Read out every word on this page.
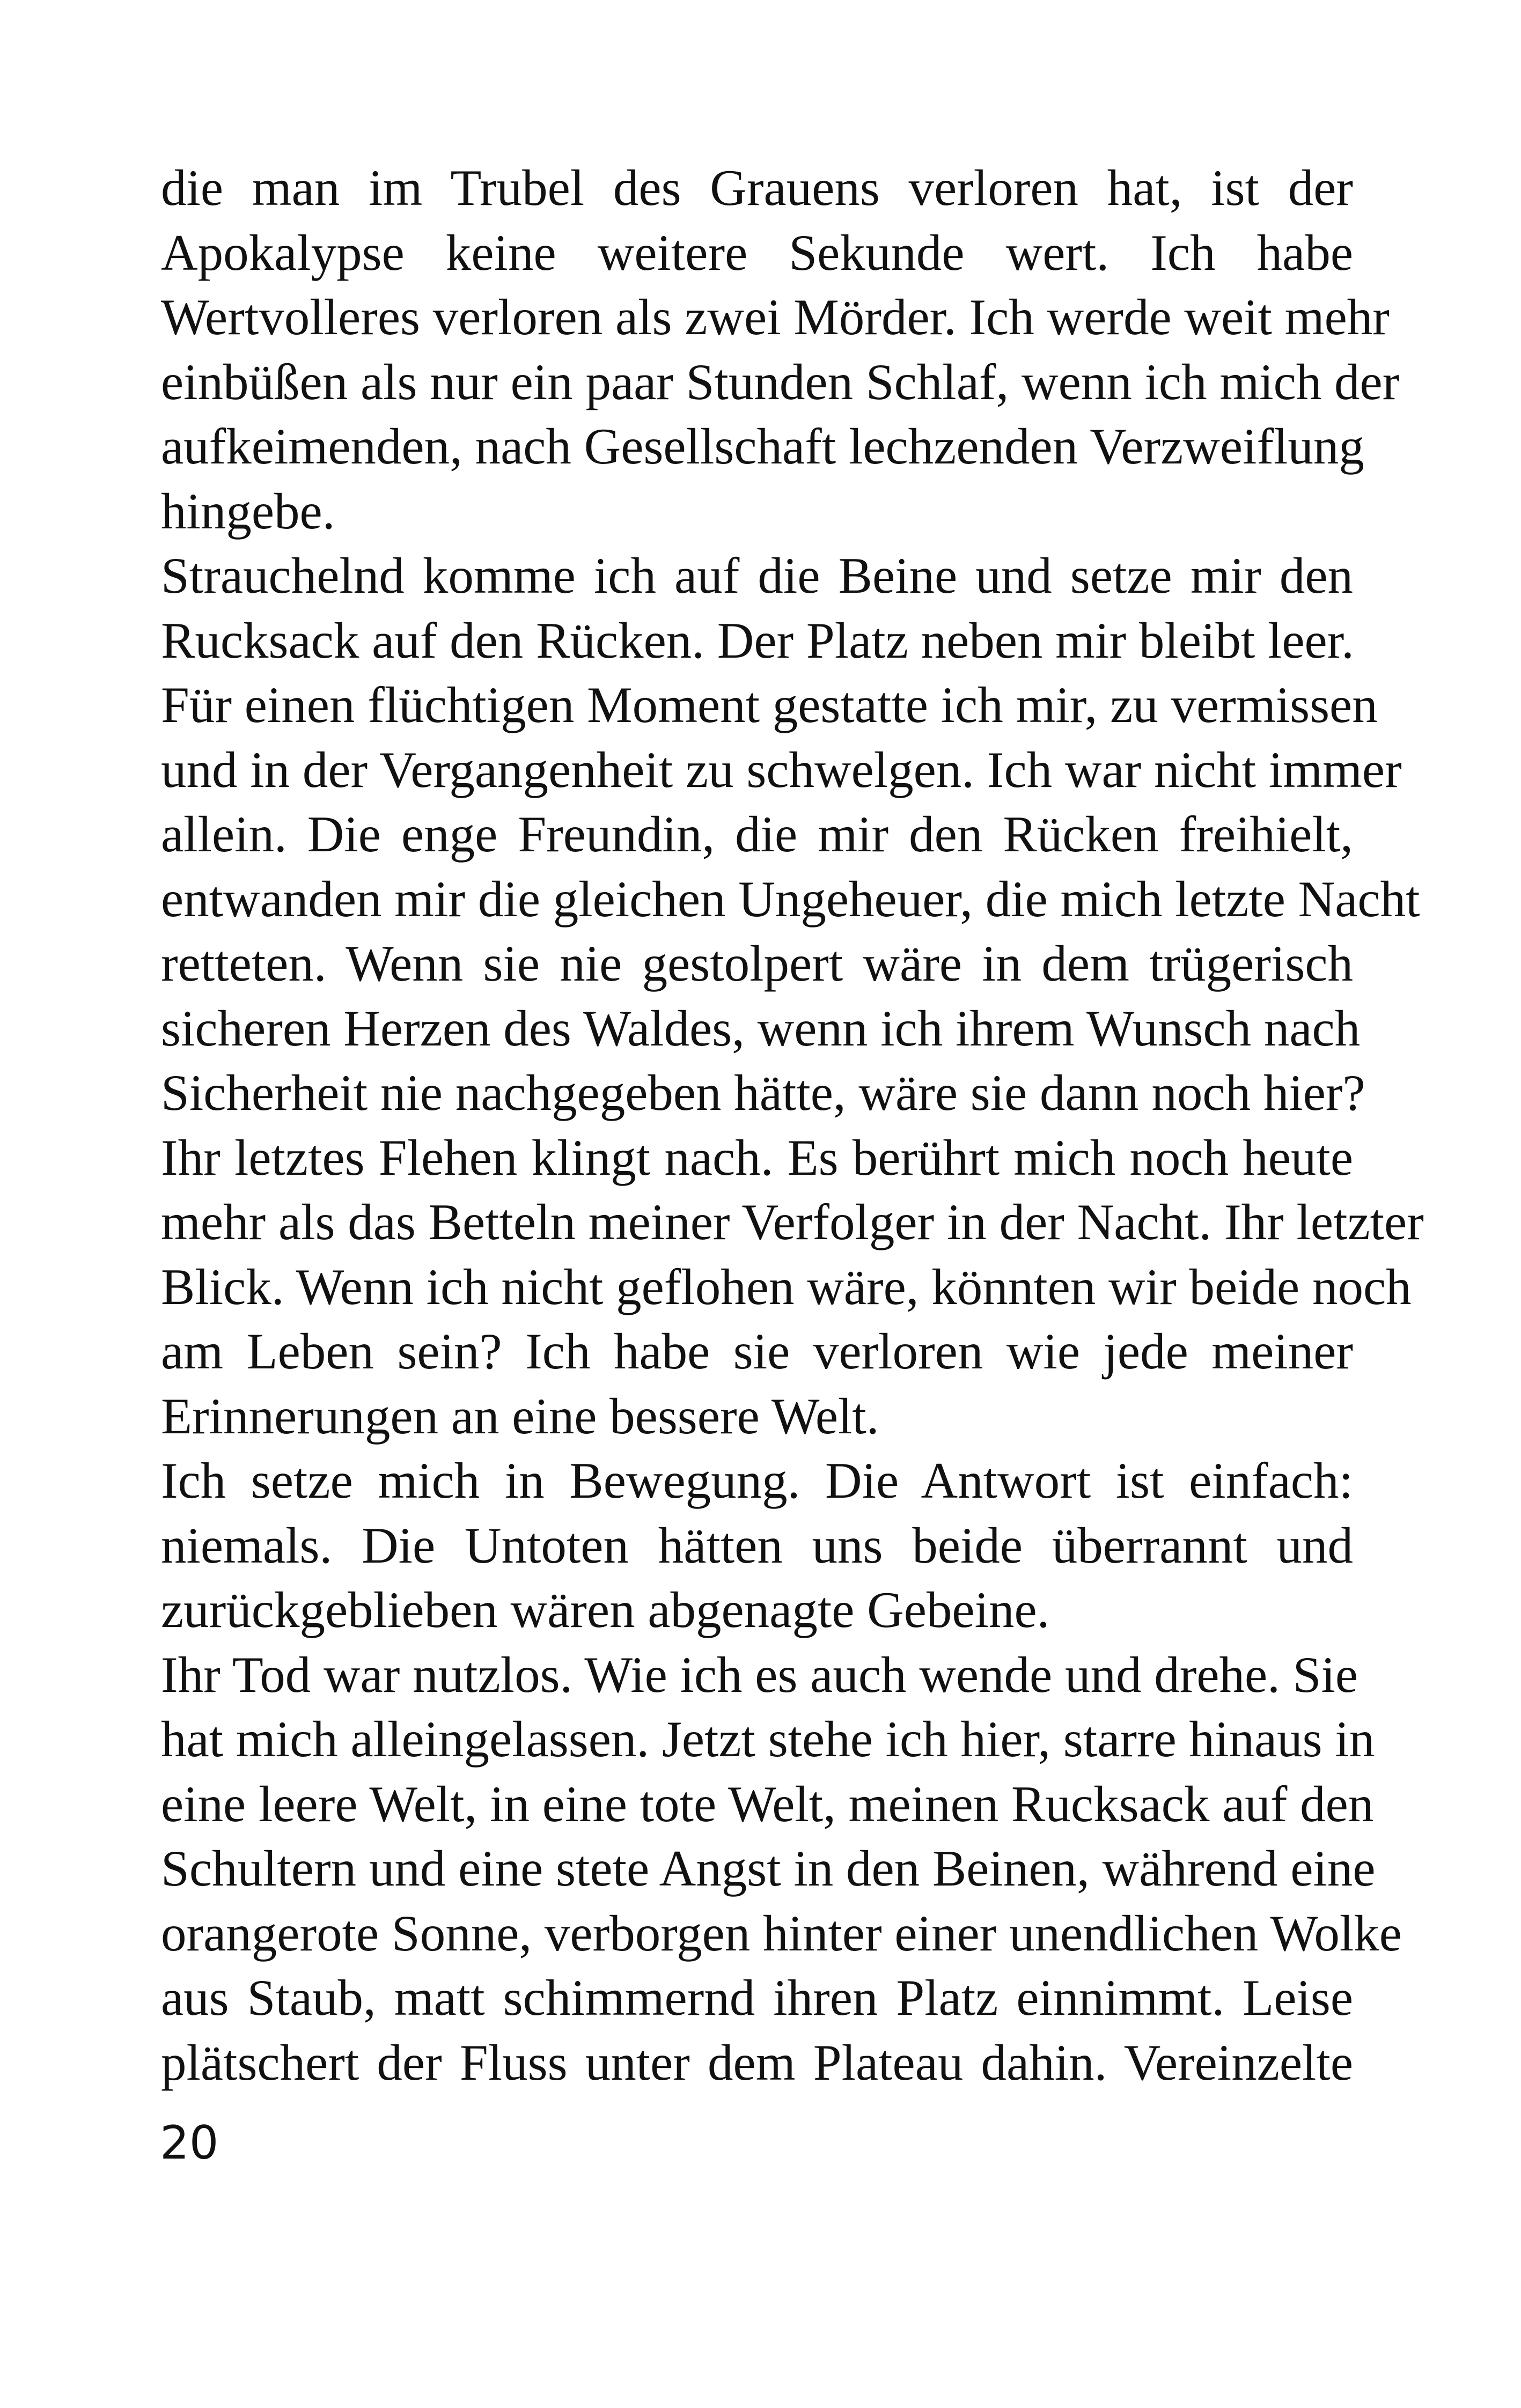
die man im Trubel des Grauens verloren hat, ist der
Apokalypse keine weitere Sekunde wert. Ich habe
Wertvolleres verloren als zwei Mörder. Ich werde weit mehr
einbüßen als nur ein paar Stunden Schlaf, wenn ich mich der
aufkeimenden, nach Gesellschaft lechzenden Verzweiflung
hingebe.
Strauchelnd komme ich auf die Beine und setze mir den
Rucksack auf den Rücken. Der Platz neben mir bleibt leer.
Für einen flüchtigen Moment gestatte ich mir, zu vermissen
und in der Vergangenheit zu schwelgen. Ich war nicht immer
allein. Die enge Freundin, die mir den Rücken freihielt,
entwanden mir die gleichen Ungeheuer, die mich letzte Nacht
retteten. Wenn sie nie gestolpert wäre in dem trügerisch
sicheren Herzen des Waldes, wenn ich ihrem Wunsch nach
Sicherheit nie nachgegeben hätte, wäre sie dann noch hier?
Ihr letztes Flehen klingt nach. Es berührt mich noch heute
mehr als das Betteln meiner Verfolger in der Nacht. Ihr letzter
Blick. Wenn ich nicht geflohen wäre, könnten wir beide noch
am Leben sein? Ich habe sie verloren wie jede meiner
Erinnerungen an eine bessere Welt.
Ich setze mich in Bewegung. Die Antwort ist einfach:
niemals. Die Untoten hätten uns beide überrannt und
zurückgeblieben wären abgenagte Gebeine.
Ihr Tod war nutzlos. Wie ich es auch wende und drehe. Sie
hat mich alleingelassen. Jetzt stehe ich hier, starre hinaus in
eine leere Welt, in eine tote Welt, meinen Rucksack auf den
Schultern und eine stete Angst in den Beinen, während eine
orangerote Sonne, verborgen hinter einer unendlichen Wolke
aus Staub, matt schimmernd ihren Platz einnimmt. Leise
plätschert der Fluss unter dem Plateau dahin. Vereinzelte
20
